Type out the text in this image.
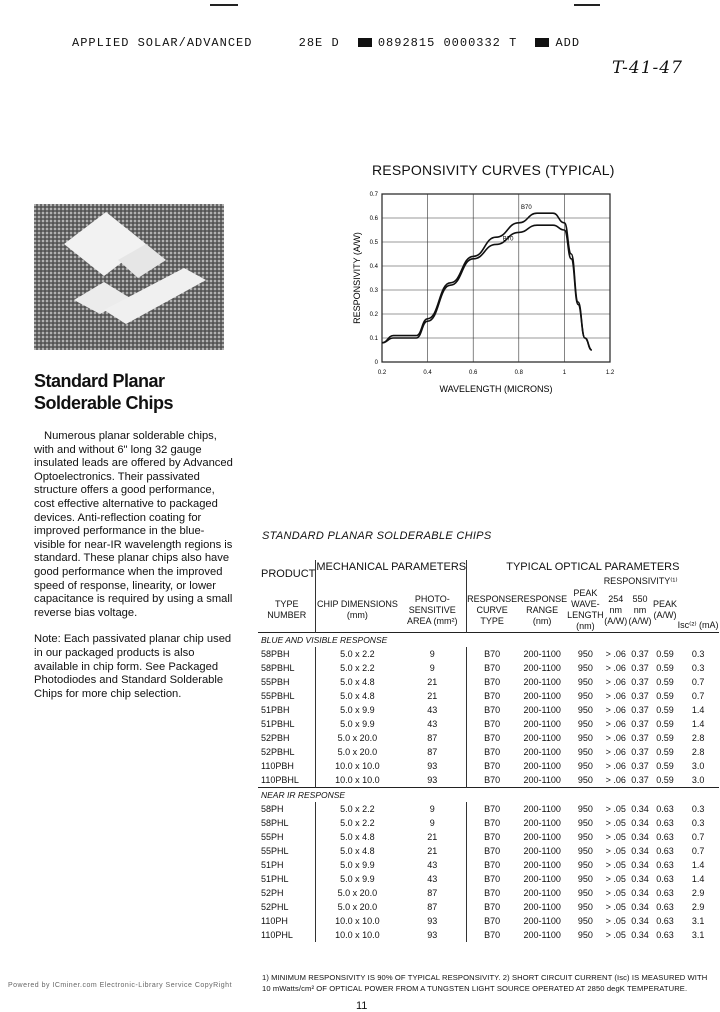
APPLIED SOLAR/ADVANCED	28E D	0892815 0000332 T	ADD
T-41-47
Standard Planar
Solderable Chips

Numerous planar solderable chips, with and without 6" long 32 gauge insulated leads are offered by Advanced Optoelectronics. Their passivated structure offers a good performance, cost effective alternative to packaged devices. Anti-reflection coating for improved performance in the blue-visible for near-IR wavelength regions is standard. These planar chips also have good performance when the improved speed of response, linearity, or lower capacitance is required by using a small reverse bias voltage.

Note: Each passivated planar chip used in our packaged products is also available in chip form. See Packaged Photodiodes and Standard Solderable Chips for more chip selection.

RESPONSIVITY CURVES (TYPICAL)
0.2	0.4	0.6	0.8	1	1.2
0
0.1
0.2
0.3
0.4
0.5
0.6
0.7
B70
B70
WAVELENGTH (MICRONS)
RESPONSIVITY (A/W)
STANDARD PLANAR SOLDERABLE CHIPS
PRODUCT	MECHANICAL PARAMETERS		TYPICAL OPTICAL PARAMETERS						
						RESPONSIVITY⁽¹⁾			Isc⁽²⁾ (mA)
TYPE NUMBER	CHIP DIMENSIONS (mm)	PHOTO-SENSITIVE AREA (mm²)	RESPONSE CURVE TYPE	RESPONSE RANGE (nm)	PEAK WAVE-LENGTH (nm)	254 nm (A/W)	550 nm (A/W)	PEAK (A/W)	
BLUE AND VISIBLE RESPONSE									
58PBH	5.0 x 2.2	9	B70	200-1100	950	> .06	0.37	0.59	0.3
58PBHL	5.0 x 2.2	9	B70	200-1100	950	> .06	0.37	0.59	0.3
55PBH	5.0 x 4.8	21	B70	200-1100	950	> .06	0.37	0.59	0.7
55PBHL	5.0 x 4.8	21	B70	200-1100	950	> .06	0.37	0.59	0.7
51PBH	5.0 x 9.9	43	B70	200-1100	950	> .06	0.37	0.59	1.4
51PBHL	5.0 x 9.9	43	B70	200-1100	950	> .06	0.37	0.59	1.4
52PBH	5.0 x 20.0	87	B70	200-1100	950	> .06	0.37	0.59	2.8
52PBHL	5.0 x 20.0	87	B70	200-1100	950	> .06	0.37	0.59	2.8
110PBH	10.0 x 10.0	93	B70	200-1100	950	> .06	0.37	0.59	3.0
110PBHL	10.0 x 10.0	93	B70	200-1100	950	> .06	0.37	0.59	3.0
NEAR IR RESPONSE									
58PH	5.0 x 2.2	9	B70	200-1100	950	> .05	0.34	0.63	0.3
58PHL	5.0 x 2.2	9	B70	200-1100	950	> .05	0.34	0.63	0.3
55PH	5.0 x 4.8	21	B70	200-1100	950	> .05	0.34	0.63	0.7
55PHL	5.0 x 4.8	21	B70	200-1100	950	> .05	0.34	0.63	0.7
51PH	5.0 x 9.9	43	B70	200-1100	950	> .05	0.34	0.63	1.4
51PHL	5.0 x 9.9	43	B70	200-1100	950	> .05	0.34	0.63	1.4
52PH	5.0 x 20.0	87	B70	200-1100	950	> .05	0.34	0.63	2.9
52PHL	5.0 x 20.0	87	B70	200-1100	950	> .05	0.34	0.63	2.9
110PH	10.0 x 10.0	93	B70	200-1100	950	> .05	0.34	0.63	3.1
110PHL	10.0 x 10.0	93	B70	200-1100	950	> .05	0.34	0.63	3.1
1) MINIMUM RESPONSIVITY IS 90% OF TYPICAL RESPONSIVITY. 2) SHORT CIRCUIT CURRENT (Isc) IS MEASURED WITH 10 mWatts/cm² OF OPTICAL POWER FROM A TUNGSTEN LIGHT SOURCE OPERATED AT 2850 degK TEMPERATURE.
Powered by ICminer.com Electronic-Library Service CopyRight
11
